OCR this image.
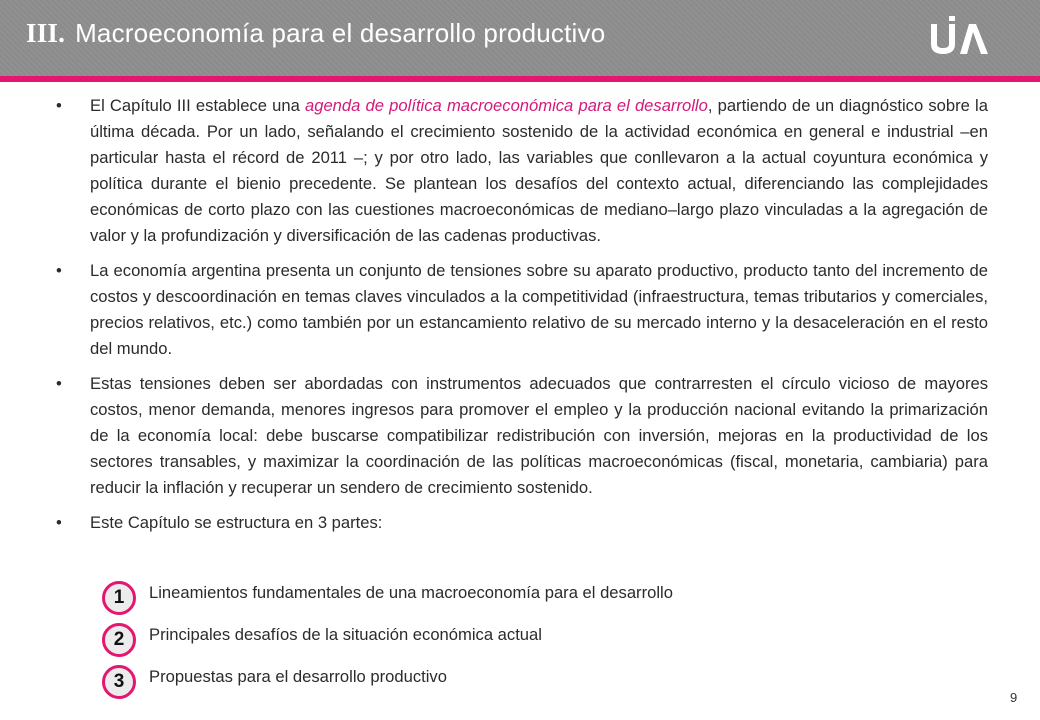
III. Macroeconomía para el desarrollo productivo
• El Capítulo III establece una agenda de política macroeconómica para el desarrollo, partiendo de un diagnóstico sobre la última década. Por un lado, señalando el crecimiento sostenido de la actividad económica en general e industrial –en particular hasta el récord de 2011 –; y por otro lado, las variables que conllevaron a la actual coyuntura económica y política durante el bienio precedente. Se plantean los desafíos del contexto actual, diferenciando las complejidades económicas de corto plazo con las cuestiones macroeconómicas de mediano–largo plazo vinculadas a la agregación de valor y la profundización y diversificación de las cadenas productivas.
• La economía argentina presenta un conjunto de tensiones sobre su aparato productivo, producto tanto del incremento de costos y descoordinación en temas claves vinculados a la competitividad (infraestructura, temas tributarios y comerciales, precios relativos, etc.) como también por un estancamiento relativo de su mercado interno y la desaceleración en el resto del mundo.
• Estas tensiones deben ser abordadas con instrumentos adecuados que contrarresten el círculo vicioso de mayores costos, menor demanda, menores ingresos para promover el empleo y la producción nacional evitando la primarización de la economía local: debe buscarse compatibilizar redistribución con inversión, mejoras en la productividad de los sectores transables, y maximizar la coordinación de las políticas macroeconómicas (fiscal, monetaria, cambiaria) para reducir la inflación y recuperar un sendero de crecimiento sostenido.
• Este Capítulo se estructura en 3 partes:
1	Lineamientos fundamentales de una macroeconomía para el desarrollo
2	Principales desafíos de la situación económica actual
3	Propuestas para el desarrollo productivo
9
